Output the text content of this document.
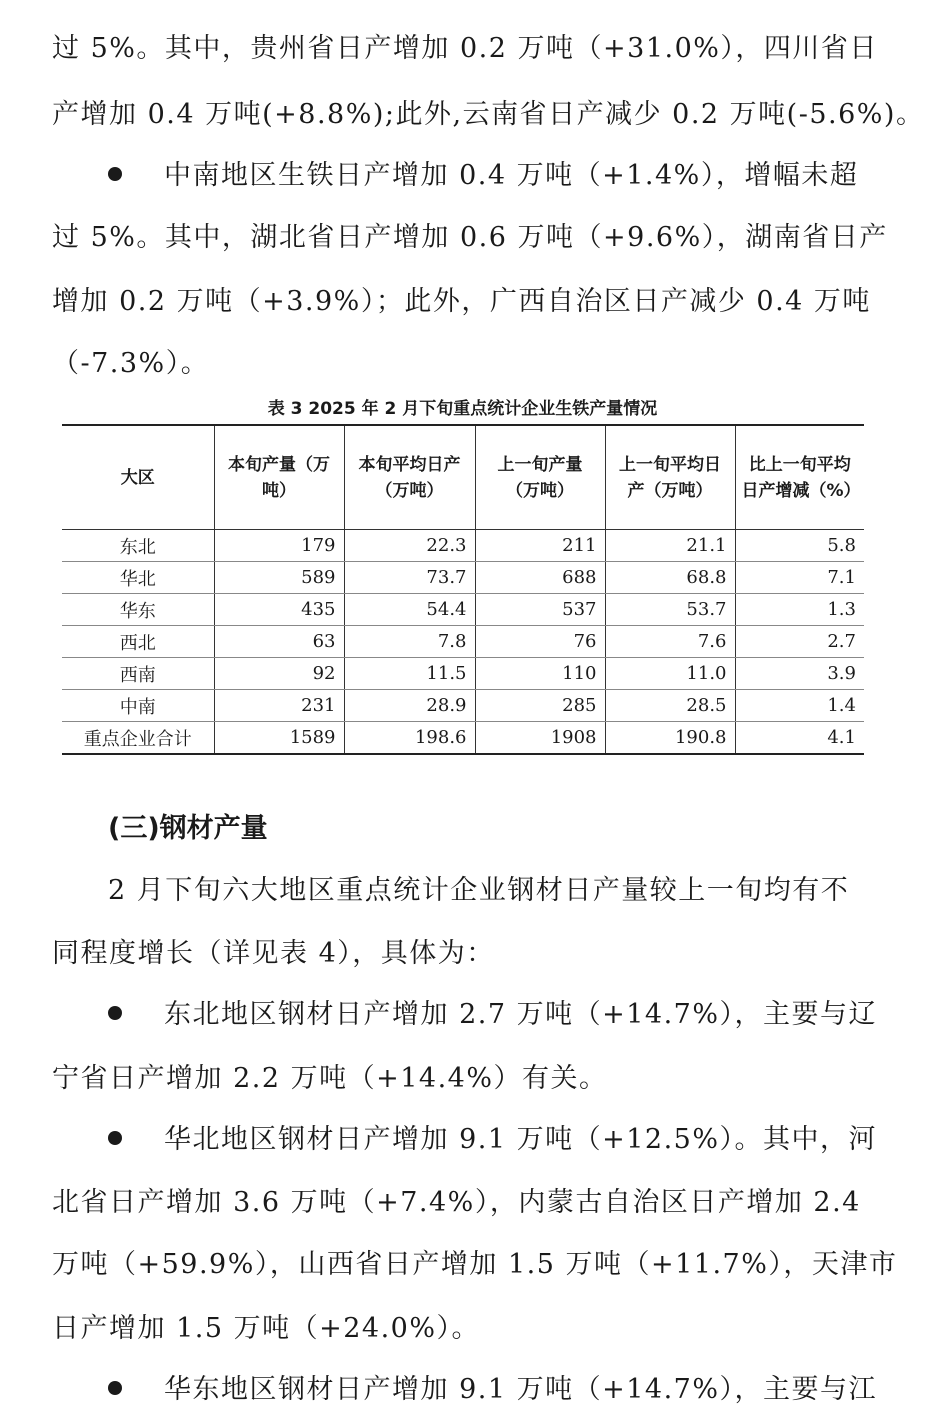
过 5%。其中，贵州省日产增加 0.2 万吨（+31.0%），四川省日
产增加 0.4 万吨(+8.8%);此外,云南省日产减少 0.2 万吨(-5.6%)。
中南地区生铁日产增加 0.4 万吨（+1.4%），增幅未超
过 5%。其中，湖北省日产增加 0.6 万吨（+9.6%），湖南省日产
增加 0.2 万吨（+3.9%）；此外，广西自治区日产减少 0.4 万吨
（-7.3%）。
表 3 2025 年 2 月下旬重点统计企业生铁产量情况
大区	本旬产量（万吨）	本旬平均日产（万吨）	上一旬产量（万吨）	上一旬平均日产（万吨）	比上一旬平均日产增减（%）
东北	179	22.3	211	21.1	5.8
华北	589	73.7	688	68.8	7.1
华东	435	54.4	537	53.7	1.3
西北	63	7.8	76	7.6	2.7
西南	92	11.5	110	11.0	3.9
中南	231	28.9	285	28.5	1.4
重点企业合计	1589	198.6	1908	190.8	4.1
(三)钢材产量
2 月下旬六大地区重点统计企业钢材日产量较上一旬均有不
同程度增长（详见表 4），具体为：
东北地区钢材日产增加 2.7 万吨（+14.7%），主要与辽
宁省日产增加 2.2 万吨（+14.4%）有关。
华北地区钢材日产增加 9.1 万吨（+12.5%）。其中，河
北省日产增加 3.6 万吨（+7.4%），内蒙古自治区日产增加 2.4
万吨（+59.9%），山西省日产增加 1.5 万吨（+11.7%），天津市
日产增加 1.5 万吨（+24.0%）。
华东地区钢材日产增加 9.1 万吨（+14.7%），主要与江
